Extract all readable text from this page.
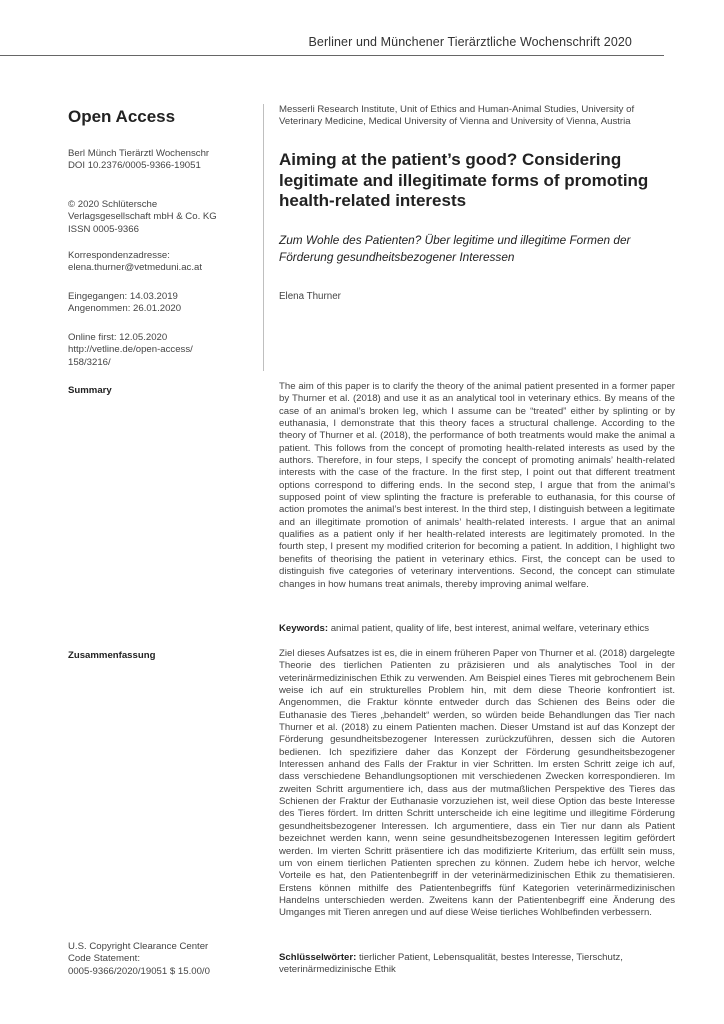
Berliner und Münchener Tierärztliche Wochenschrift 2020
Open Access
Berl Münch Tierärztl Wochenschr
DOI 10.2376/0005-9366-19051
© 2020 Schlütersche
Verlagsgesellschaft mbH & Co. KG
ISSN 0005-9366
Korrespondenzadresse:
elena.thurner@vetmeduni.ac.at
Eingegangen: 14.03.2019
Angenommen: 26.01.2020
Online first: 12.05.2020
http://vetline.de/open-access/
158/3216/
Summary
Zusammenfassung
U.S. Copyright Clearance Center
Code Statement:
0005-9366/2020/19051 $ 15.00/0
Messerli Research Institute, Unit of Ethics and Human-Animal Studies, University of Veterinary Medicine, Medical University of Vienna and University of Vienna, Austria
Aiming at the patient’s good? Considering legitimate and illegitimate forms of promoting health-related interests
Zum Wohle des Patienten? Über legitime und illegitime Formen der Förderung gesundheitsbezogener Interessen
Elena Thurner
The aim of this paper is to clarify the theory of the animal patient presented in a former paper by Thurner et al. (2018) and use it as an analytical tool in veterinary ethics. By means of the case of an animal’s broken leg, which I assume can be “treated” either by splinting or by euthanasia, I demonstrate that this theory faces a structural challenge. According to the theory of Thurner et al. (2018), the performance of both treatments would make the animal a patient. This follows from the concept of promoting health-related interests as used by the authors. Therefore, in four steps, I specify the concept of promoting animals’ health-related interests with the case of the fracture. In the first step, I point out that different treatment options correspond to differing ends. In the second step, I argue that from the animal’s supposed point of view splinting the fracture is preferable to euthanasia, for this course of action promotes the animal’s best interest. In the third step, I distinguish between a legitimate and an illegitimate promotion of animals’ health-related interests. I argue that an animal qualifies as a patient only if her health-related interests are legitimately promoted. In the fourth step, I present my modified criterion for becoming a patient. In addition, I highlight two benefits of theorising the patient in veterinary ethics. First, the concept can be used to distinguish five categories of veterinary interventions. Second, the concept can stimulate changes in how humans treat animals, thereby improving animal welfare.
Keywords: animal patient, quality of life, best interest, animal welfare, veterinary ethics
Ziel dieses Aufsatzes ist es, die in einem früheren Paper von Thurner et al. (2018) dargelegte Theorie des tierlichen Patienten zu präzisieren und als analytisches Tool in der veterinärmedizinischen Ethik zu verwenden. Am Beispiel eines Tieres mit gebrochenem Bein weise ich auf ein strukturelles Problem hin, mit dem diese Theorie konfrontiert ist. Angenommen, die Fraktur könnte entweder durch das Schienen des Beins oder die Euthanasie des Tieres „behandelt“ werden, so würden beide Behandlungen das Tier nach Thurner et al. (2018) zu einem Patienten machen. Dieser Umstand ist auf das Konzept der Förderung gesundheitsbezogener Interessen zurückzuführen, dessen sich die Autoren bedienen. Ich spezifiziere daher das Konzept der Förderung gesundheitsbezogener Interessen anhand des Falls der Fraktur in vier Schritten. Im ersten Schritt zeige ich auf, dass verschiedene Behandlungsoptionen mit verschiedenen Zwecken korrespondieren. Im zweiten Schritt argumentiere ich, dass aus der mutmaßlichen Perspektive des Tieres das Schienen der Fraktur der Euthanasie vorzuziehen ist, weil diese Option das beste Interesse des Tieres fördert. Im dritten Schritt unterscheide ich eine legitime und illegitime Förderung gesundheitsbezogener Interessen. Ich argumentiere, dass ein Tier nur dann als Patient bezeichnet werden kann, wenn seine gesundheitsbezogenen Interessen legitim gefördert werden. Im vierten Schritt präsentiere ich das modifizierte Kriterium, das erfüllt sein muss, um von einem tierlichen Patienten sprechen zu können. Zudem hebe ich hervor, welche Vorteile es hat, den Patientenbegriff in der veterinärmedizinischen Ethik zu thematisieren. Erstens können mithilfe des Patientenbegriffs fünf Kategorien veterinärmedizinischen Handelns unterschieden werden. Zweitens kann der Patientenbegriff eine Änderung des Umganges mit Tieren anregen und auf diese Weise tierliches Wohlbefinden verbessern.
Schlüsselwörter: tierlicher Patient, Lebensqualität, bestes Interesse, Tierschutz, veterinärmedizinische Ethik
